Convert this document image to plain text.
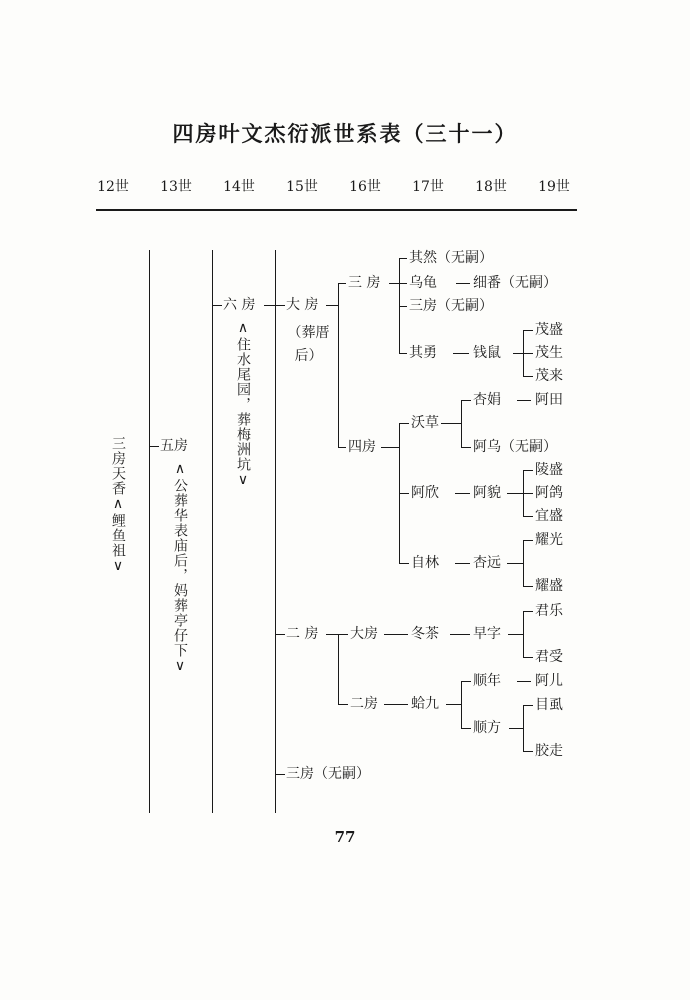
四房叶文杰衍派世系表（三十一）
12世	13世	14世	15世	16世	17世	18世	19世
三房天香∧鲤鱼祖∨ 五房
∧公葬华表庙后，妈葬亭仔下∨
六 房
∧住水尾园，葬梅洲坑∨
大 房
（葬厝后）
二 房
三房（无嗣）
三 房
四房
其然（无嗣）
乌龟
三房（无嗣）
其勇
细番（无嗣）
钱鼠
茂盛
茂生
茂来
沃草
阿欣
自林
杏娟
阿乌（无嗣）
阿田
阿貌
陵盛
阿鸽
宜盛
杏远
耀光
耀盛
大房
二房
冬茶 早字
君乐
君受
蛤九
顺年
顺方
阿儿
目虱
胶走
77
